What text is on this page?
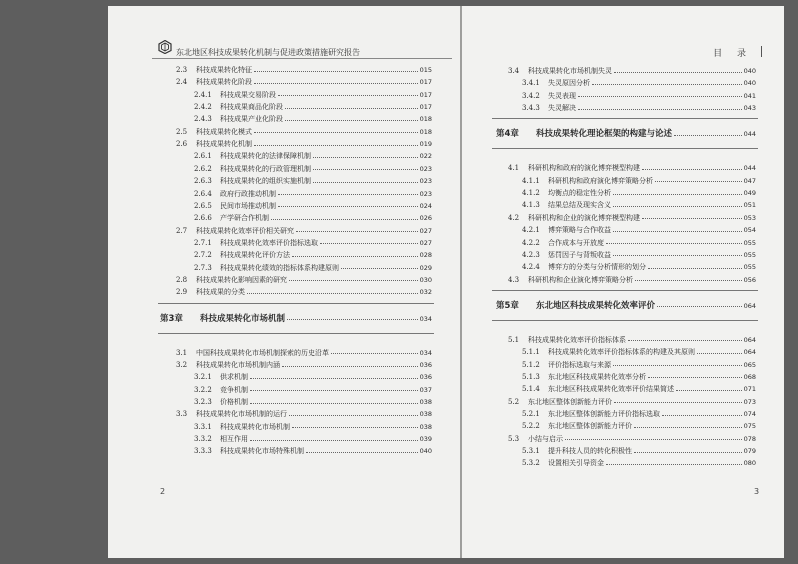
东北地区科技成果转化机制与促进政策措施研究报告
2.3	科技成果转化特征	015
2.4	科技成果转化阶段	017
2.4.1	科技成果交易阶段	017
2.4.2	科技成果商品化阶段	017
2.4.3	科技成果产业化阶段	018
2.5	科技成果转化模式	018
2.6	科技成果转化机制	019
2.6.1	科技成果转化的法律保障机制	022
2.6.2	科技成果转化的行政管理机制	023
2.6.3	科技成果转化的组织实施机制	023
2.6.4	政府行政推动机制	023
2.6.5	民间市场推动机制	024
2.6.6	产学研合作机制	026
2.7	科技成果转化效率评价相关研究	027
2.7.1	科技成果转化效率评价指标选取	027
2.7.2	科技成果转化评价方法	028
2.7.3	科技成果转化绩效的指标体系构建原则	029
2.8	科技成果转化影响因素的研究	030
2.9	科技成果的分类	032
第3章	科技成果转化市场机制	034
3.1	中国科技成果转化市场机制探索的历史沿革	034
3.2	科技成果转化市场机制内涵	036
3.2.1	供求机制	036
3.2.2	竞争机制	037
3.2.3	价格机制	038
3.3	科技成果转化市场机制的运行	038
3.3.1	科技成果转化市场机制	038
3.3.2	相互作用	039
3.3.3	科技成果转化市场特殊机制	040
2
目 录
3.4	科技成果转化市场机制失灵	040
3.4.1	失灵原因分析	040
3.4.2	失灵表现	041
3.4.3	失灵解决	043
第4章	科技成果转化理论框架的构建与论述	044
4.1	科研机构和政府的演化博弈模型构建	044
4.1.1	科研机构和政府演化博弈策略分析	047
4.1.2	均衡点的稳定性分析	049
4.1.3	结果总结及现实含义	051
4.2	科研机构和企业的演化博弈模型构建	053
4.2.1	博弈策略与合作收益	054
4.2.2	合作成本与开放度	055
4.2.3	惩罚因子与背叛收益	055
4.2.4	博弈方的分类与分析情形的划分	055
4.3	科研机构和企业演化博弈策略分析	056
第5章	东北地区科技成果转化效率评价	064
5.1	科技成果转化效率评价指标体系	064
5.1.1	科技成果转化效率评价指标体系的构建及其原则	064
5.1.2	评价指标选取与来源	065
5.1.3	东北地区科技成果转化效率分析	068
5.1.4	东北地区科技成果转化效率评价结果简述	071
5.2	东北地区整体创新能力评价	073
5.2.1	东北地区整体创新能力评价指标选取	074
5.2.2	东北地区整体创新能力评价	075
5.3	小结与启示	078
5.3.1	提升科技人员的转化积极性	079
5.3.2	设置相关引导资金	080
3
